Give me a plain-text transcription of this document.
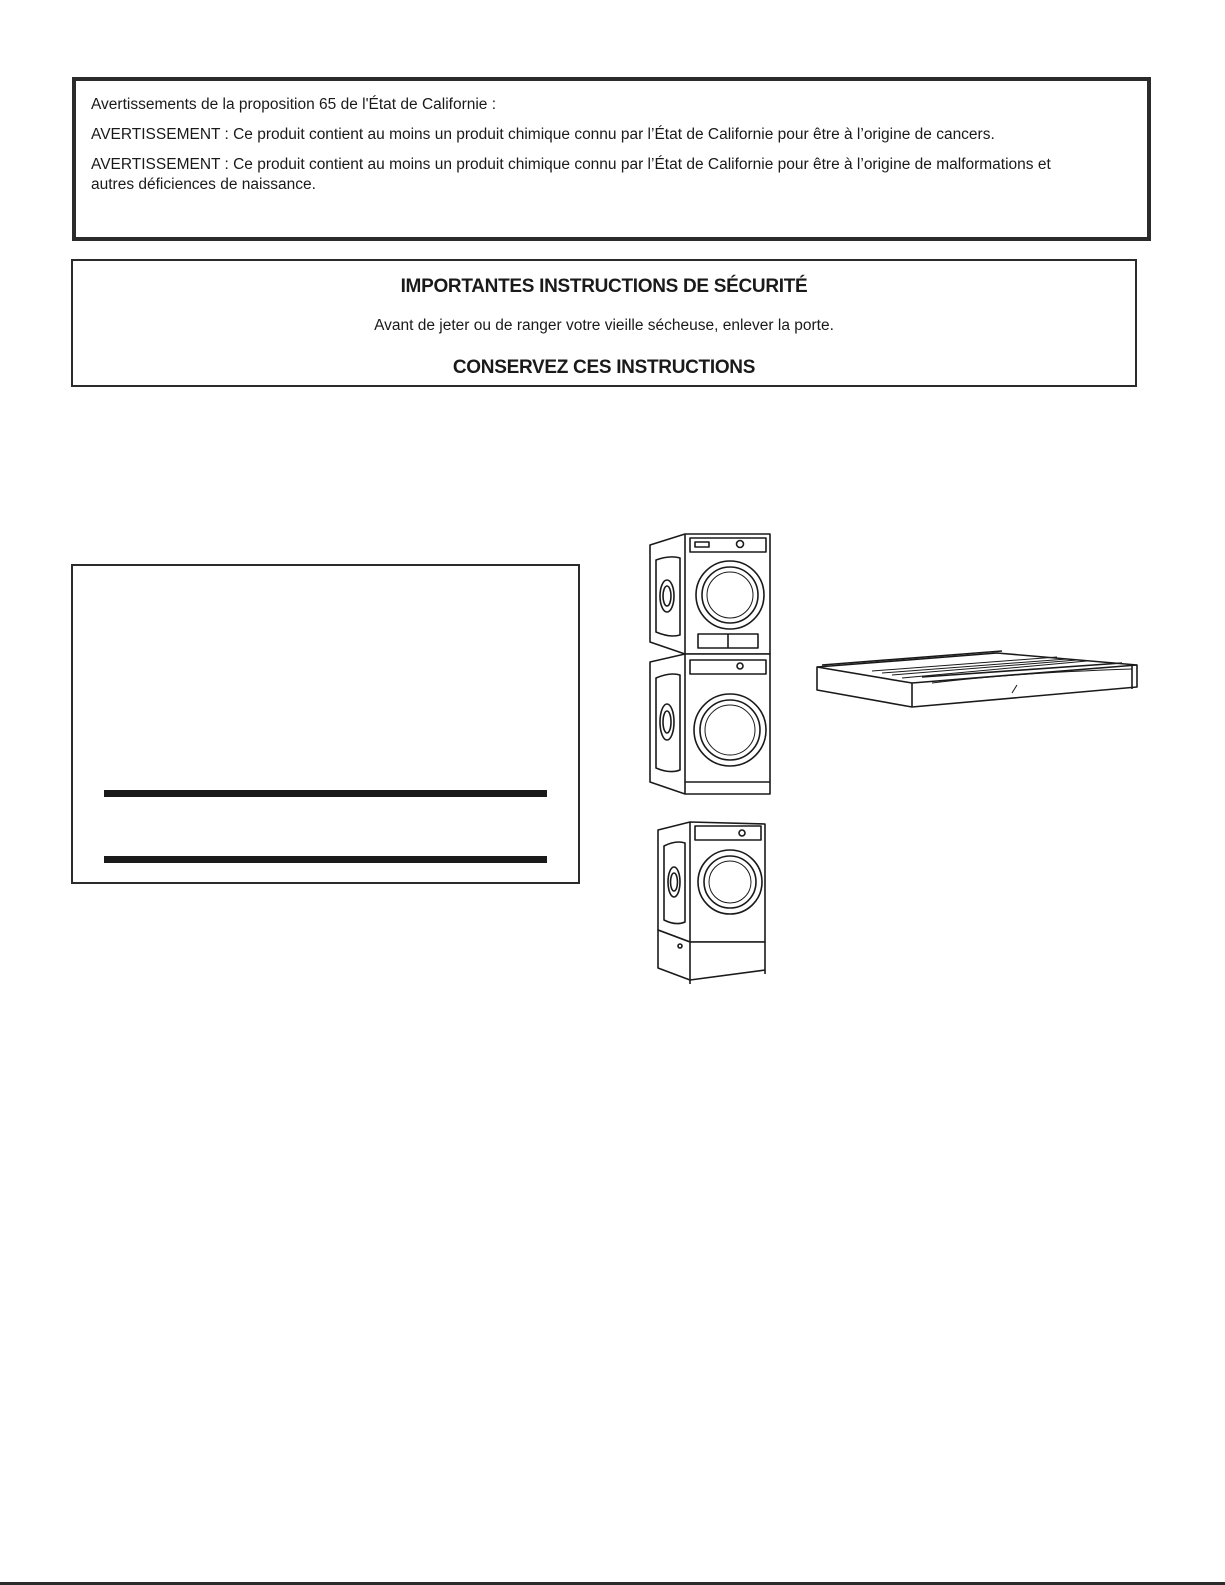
Avertissements de la proposition 65 de l'État de Californie :

AVERTISSEMENT : Ce produit contient au moins un produit chimique connu par l’État de Californie pour être à l’origine de cancers.

AVERTISSEMENT : Ce produit contient au moins un produit chimique connu par l’État de Californie pour être à l’origine de malformations et autres déficiences de naissance.

IMPORTANTES INSTRUCTIONS DE SÉCURITÉ
Avant de jeter ou de ranger votre vieille sécheuse, enlever la porte.
CONSERVEZ CES INSTRUCTIONS
